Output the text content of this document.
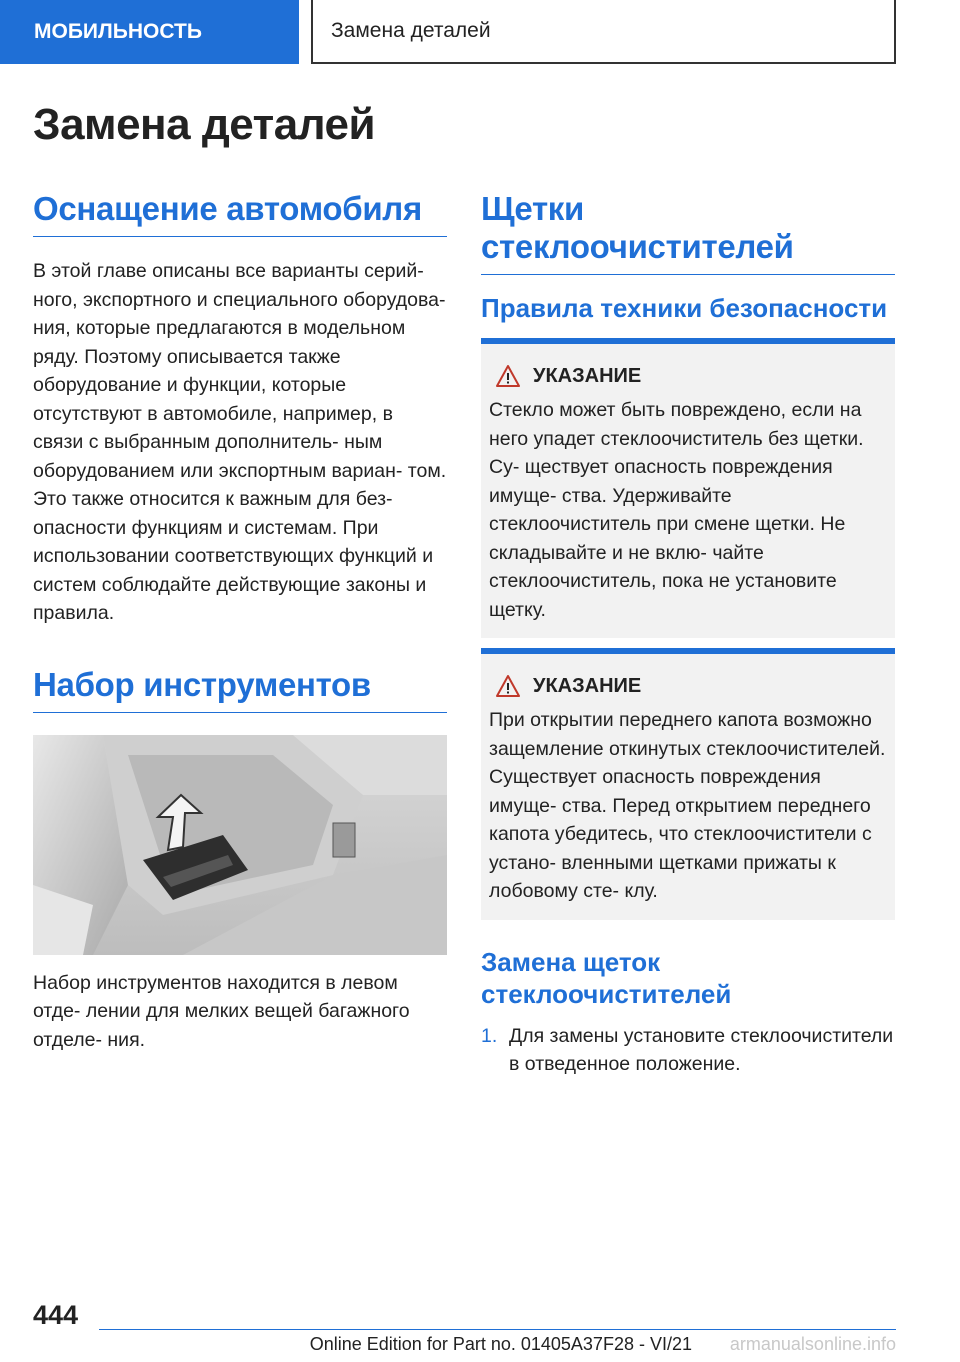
МОБИЛЬНОСТЬ	Замена деталей
Замена деталей
Оснащение автомобиля

В этой главе описаны все варианты серий- ного, экспортного и специального оборудова- ния, которые предлагаются в модельном ряду. Поэтому описывается также оборудование и функции, которые отсутствуют в автомобиле, например, в связи с выбранным дополнитель- ным оборудованием или экспортным вариан- том. Это также относится к важным для без- опасности функциям и системам. При использовании соответствующих функций и систем соблюдайте действующие законы и правила.

Набор инструментов

Набор инструментов находится в левом отде- лении для мелких вещей багажного отделе- ния.

Щетки стеклоочистителей
Правила техники безопасности
УКАЗАНИЕ

Стекло может быть повреждено, если на него упадет стеклоочиститель без щетки. Су- ществует опасность повреждения имуще- ства. Удерживайте стеклоочиститель при смене щетки. Не складывайте и не вклю- чайте стеклоочиститель, пока не установите щетку.

УКАЗАНИЕ

При открытии переднего капота возможно защемление откинутых стеклоочистителей. Существует опасность повреждения имуще- ства. Перед открытием переднего капота убедитесь, что стеклоочистители с устано- вленными щетками прижаты к лобовому сте- клу.

Замена щеток стеклоочистителей
1. Для замены установите стеклоочистители в отведенное положение.
444
Online Edition for Part no. 01405A37F28 - VI/21 armanualsonline.info
